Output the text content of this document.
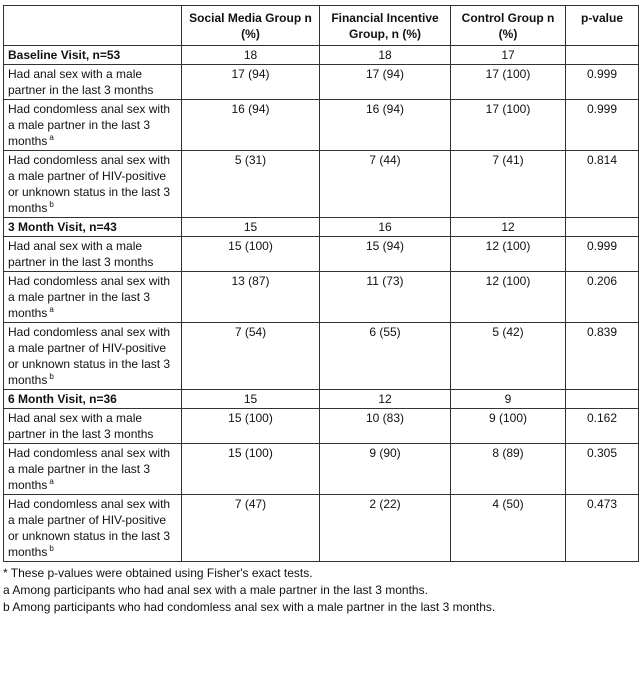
	Social Media Group n (%)	Financial Incentive Group, n (%)	Control Group n (%)	p-value
Baseline Visit, n=53	18	18	17	
Had anal sex with a male partner in the last 3 months	17 (94)	17 (94)	17 (100)	0.999
Had condomless anal sex with a male partner in the last 3 months $^a$	16 (94)	16 (94)	17 (100)	0.999
Had condomless anal sex with a male partner of HIV-positive or unknown status in the last 3 months $^b$	5 (31)	7 (44)	7 (41)	0.814
3 Month Visit, n=43	15	16	12	
Had anal sex with a male partner in the last 3 months	15 (100)	15 (94)	12 (100)	0.999
Had condomless anal sex with a male partner in the last 3 months $^a$	13 (87)	11 (73)	12 (100)	0.206
Had condomless anal sex with a male partner of HIV-positive or unknown status in the last 3 months $^b$	7 (54)	6 (55)	5 (42)	0.839
6 Month Visit, n=36	15	12	9	
Had anal sex with a male partner in the last 3 months	15 (100)	10 (83)	9 (100)	0.162
Had condomless anal sex with a male partner in the last 3 months $^a$	15 (100)	9 (90)	8 (89)	0.305
Had condomless anal sex with a male partner of HIV-positive or unknown status in the last 3 months $^b$	7 (47)	2 (22)	4 (50)	0.473
* These p-values were obtained using Fisher's exact tests.
a Among participants who had anal sex with a male partner in the last 3 months.
b Among participants who had condomless anal sex with a male partner in the last 3 months.
